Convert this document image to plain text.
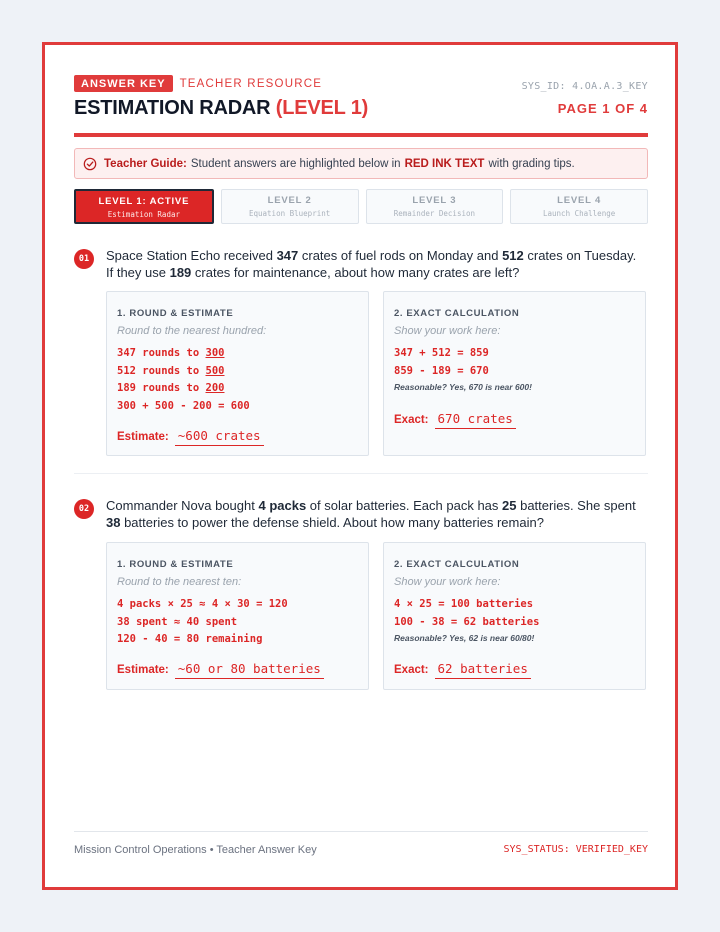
ANSWER KEY	TEACHER RESOURCE	SYS_ID: 4.OA.A.3_KEY
ESTIMATION RADAR (LEVEL 1)	PAGE 1 OF 4
Teacher Guide: Student answers are highlighted below in RED INK TEXT with grading tips.
LEVEL 1: ACTIVE
Estimation Radar
LEVEL 2
Equation Blueprint
LEVEL 3
Remainder Decision
LEVEL 4
Launch Challenge
01	Space Station Echo received 347 crates of fuel rods on Monday and 512 crates on Tuesday. If they use 189 crates for maintenance, about how many crates are left?
1. ROUND & ESTIMATE
Round to the nearest hundred:
347 rounds to 300
512 rounds to 500
189 rounds to 200
300 + 500 - 200 = 600
Estimate: ~600 crates
2. EXACT CALCULATION
Show your work here:
347 + 512 = 859
859 - 189 = 670
Reasonable? Yes, 670 is near 600!
Exact: 670 crates
02	Commander Nova bought 4 packs of solar batteries. Each pack has 25 batteries. She spent 38 batteries to power the defense shield. About how many batteries remain?
1. ROUND & ESTIMATE
Round to the nearest ten:
4 packs × 25 ≈ 4 × 30 = 120
38 spent ≈ 40 spent
120 - 40 = 80 remaining
Estimate: ~60 or 80 batteries
2. EXACT CALCULATION
Show your work here:
4 × 25 = 100 batteries
100 - 38 = 62 batteries
Reasonable? Yes, 62 is near 60/80!
Exact: 62 batteries
Mission Control Operations • Teacher Answer Key	SYS_STATUS: VERIFIED_KEY
